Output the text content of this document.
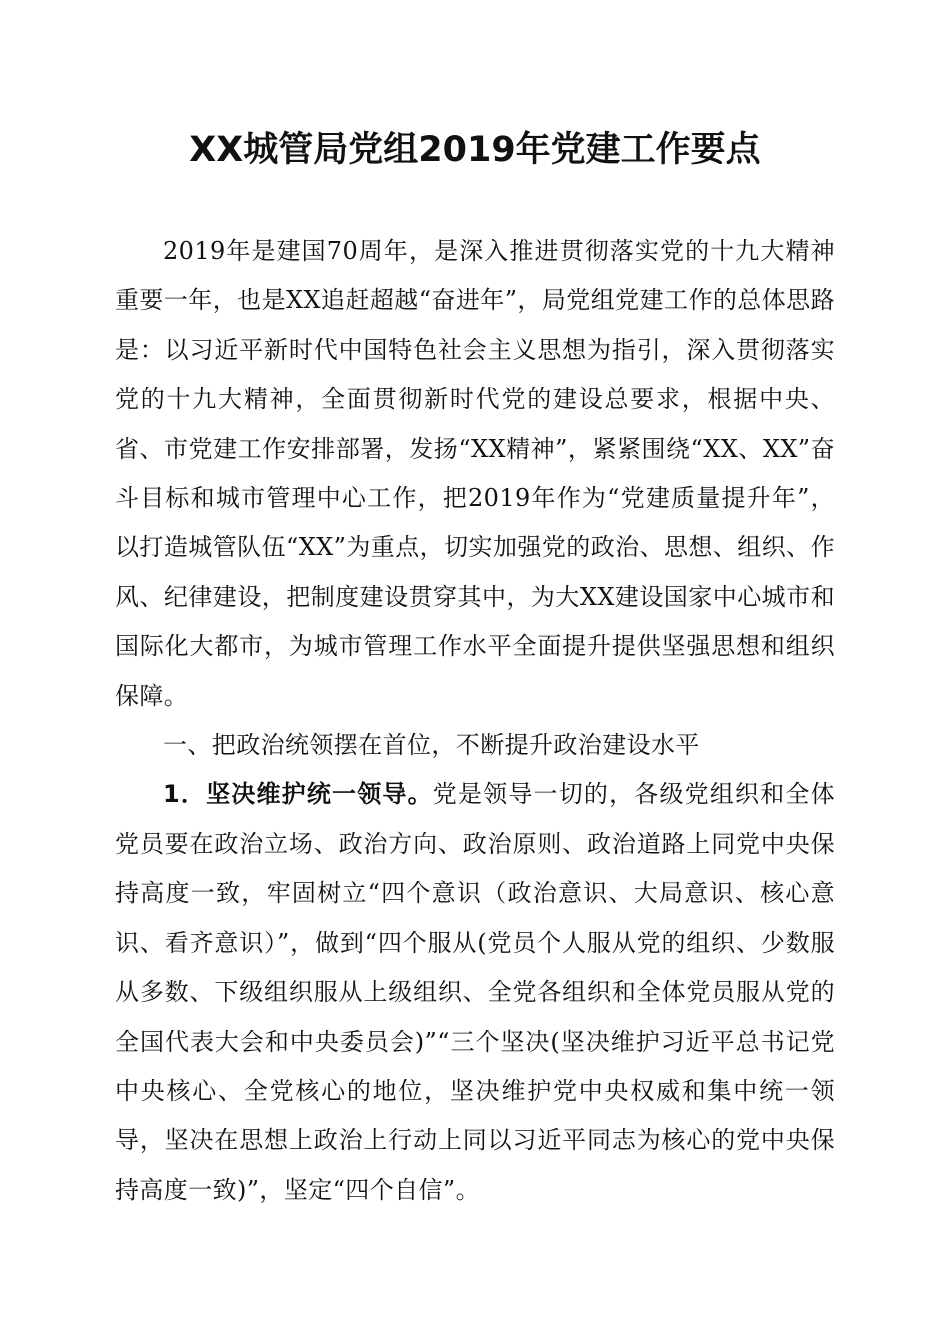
XX城管局党组2019年党建工作要点

2019年是建国70周年，是深入推进贯彻落实党的十九大精神重要一年，也是XX追赶超越“奋进年”，局党组党建工作的总体思路是：以习近平新时代中国特色社会主义思想为指引，深入贯彻落实党的十九大精神，全面贯彻新时代党的建设总要求，根据中央、省、市党建工作安排部署，发扬“XX精神”，紧紧围绕“XX、XX”奋斗目标和城市管理中心工作，把2019年作为“党建质量提升年”，以打造城管队伍“XX”为重点，切实加强党的政治、思想、组织、作风、纪律建设，把制度建设贯穿其中，为大XX建设国家中心城市和国际化大都市，为城市管理工作水平全面提升提供坚强思想和组织保障。

一、把政治统领摆在首位，不断提升政治建设水平

1．坚决维护统一领导。党是领导一切的，各级党组织和全体党员要在政治立场、政治方向、政治原则、政治道路上同党中央保持高度一致，牢固树立“四个意识（政治意识、大局意识、核心意识、看齐意识）”，做到“四个服从(党员个人服从党的组织、少数服从多数、下级组织服从上级组织、全党各组织和全体党员服从党的全国代表大会和中央委员会)”“三个坚决(坚决维护习近平总书记党中央核心、全党核心的地位，坚决维护党中央权威和集中统一领导，坚决在思想上政治上行动上同以习近平同志为核心的党中央保持高度一致)”，坚定“四个自信”。
